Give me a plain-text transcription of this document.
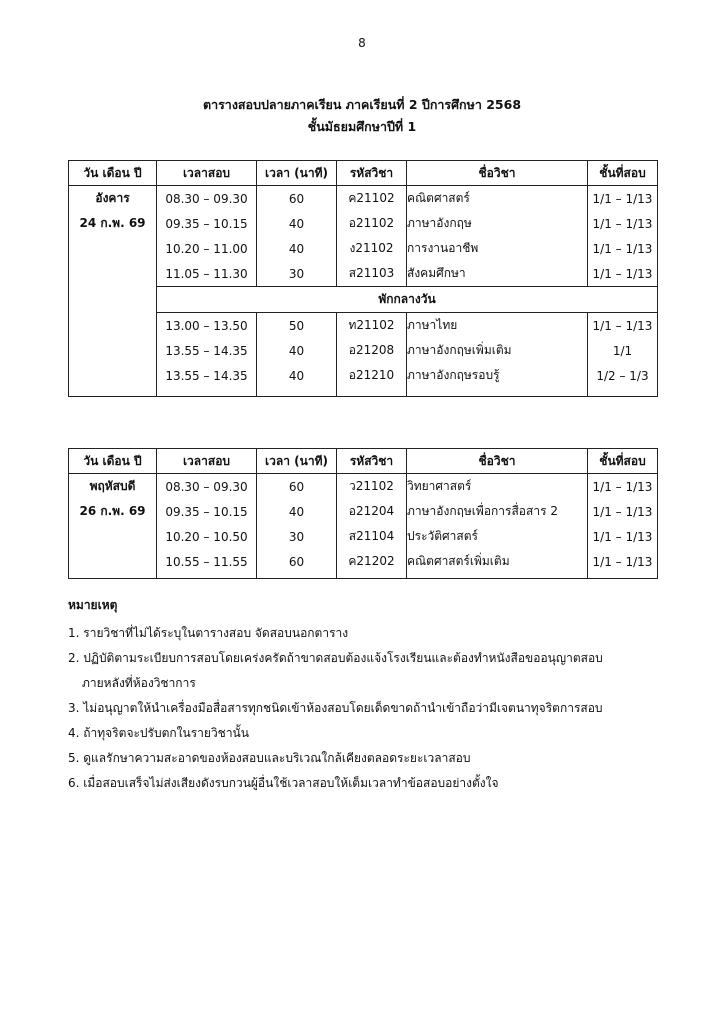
8
ตารางสอบปลายภาคเรียน ภาคเรียนที่ 2 ปีการศึกษา 2568
ชั้นมัธยมศึกษาปีที่ 1
วัน เดือน ปี	เวลาสอบ	เวลา (นาที)	รหัสวิชา	ชื่อวิชา	ชั้นที่สอบ

อังคาร
24 ก.พ. 69	08.30 – 09.30	60	ค21102	คณิตศาสตร์	1/1 – 1/13
	09.35 – 10.15	40	อ21102	ภาษาอังกฤษ	1/1 – 1/13
	10.20 – 11.00	40	ง21102	การงานอาชีพ	1/1 – 1/13
	11.05 – 11.30	30	ส21103	สังคมศึกษา	1/1 – 1/13
	พักกลางวัน				
	13.00 – 13.50	50	ท21102	ภาษาไทย	1/1 – 1/13
	13.55 – 14.35	40	อ21208	ภาษาอังกฤษเพิ่มเติม	1/1
	13.55 – 14.35	40	อ21210	ภาษาอังกฤษรอบรู้	1/2 – 1/3

วัน เดือน ปี	เวลาสอบ	เวลา (นาที)	รหัสวิชา	ชื่อวิชา	ชั้นที่สอบ

พฤหัสบดี
26 ก.พ. 69	08.30 – 09.30	60	ว21102	วิทยาศาสตร์	1/1 – 1/13
	09.35 – 10.15	40	อ21204	ภาษาอังกฤษเพื่อการสื่อสาร 2	1/1 – 1/13
	10.20 – 10.50	30	ส21104	ประวัติศาสตร์	1/1 – 1/13
	10.55 – 11.55	60	ค21202	คณิตศาสตร์เพิ่มเติม	1/1 – 1/13

หมายเหตุ
1. รายวิชาที่ไม่ได้ระบุในตารางสอบ จัดสอบนอกตาราง
2. ปฏิบัติตามระเบียบการสอบโดยเคร่งครัดถ้าขาดสอบต้องแจ้งโรงเรียนและต้องทำหนังสือขออนุญาตสอบ
ภายหลังที่ห้องวิชาการ
3. ไม่อนุญาตให้นำเครื่องมือสื่อสารทุกชนิดเข้าห้องสอบโดยเด็ดขาดถ้านำเข้าถือว่ามีเจตนาทุจริตการสอบ
4. ถ้าทุจริตจะปรับตกในรายวิชานั้น
5. ดูแลรักษาความสะอาดของห้องสอบและบริเวณใกล้เคียงตลอดระยะเวลาสอบ
6. เมื่อสอบเสร็จไม่ส่งเสียงดังรบกวนผู้อื่นใช้เวลาสอบให้เต็มเวลาทำข้อสอบอย่างตั้งใจ
